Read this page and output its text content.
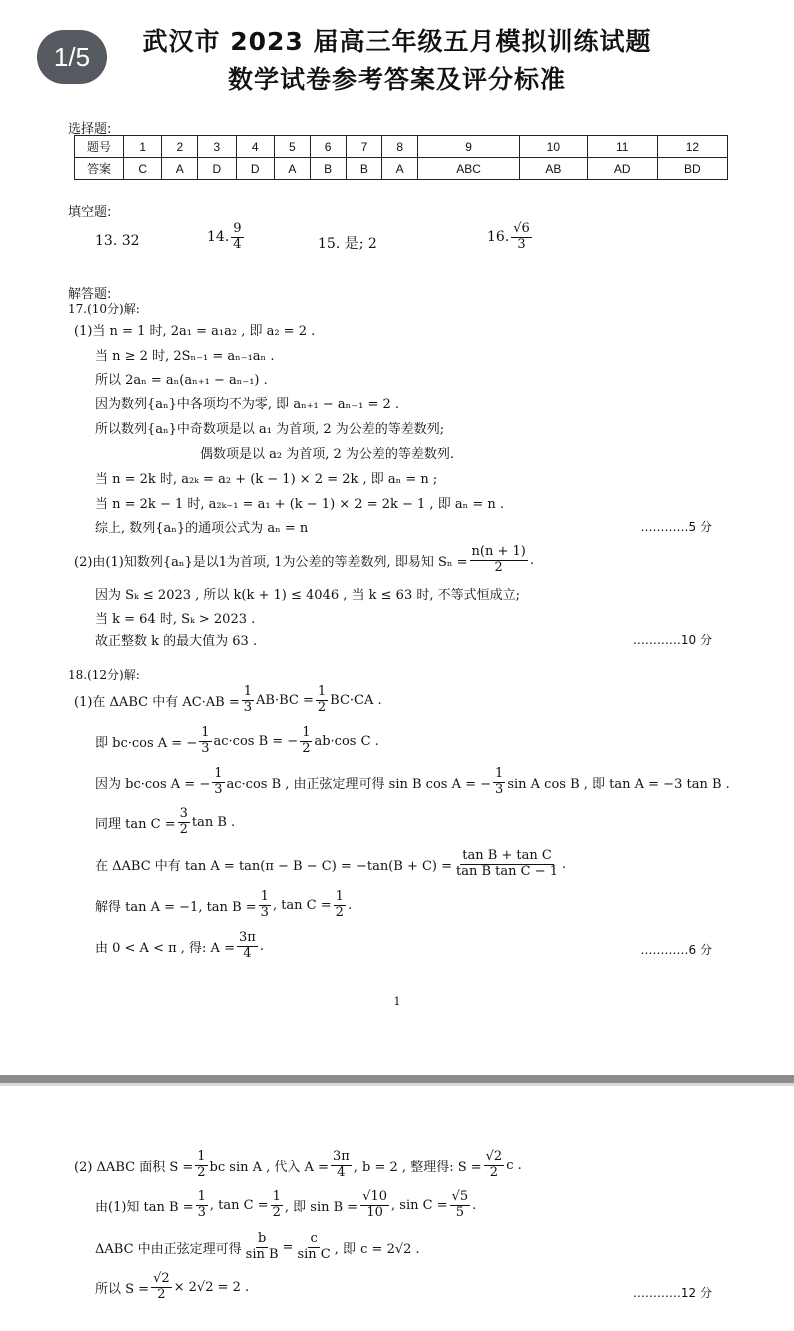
1/5	武汉市 2023 届高三年级五月模拟训练试题
数学试卷参考答案及评分标准
选择题:
题号	1	2	3	4	5	6	7	8	9	10	11	12
答案	C	A	D	D	A	B	B	A	ABC	AB	AD	BD
填空题:
13. 32	14. $\frac{9}{4}$	15. 是; 2	16. $\frac{√6}{3}$
解答题:
17.(10分)解:
(1)当 n = 1 时, 2a₁ = a₁a₂ , 即 a₂ = 2 .
当 n ≥ 2 时, 2Sₙ₋₁ = aₙ₋₁aₙ .
所以 2aₙ = aₙ(aₙ₊₁ − aₙ₋₁) .
因为数列{aₙ}中各项均不为零, 即 aₙ₊₁ − aₙ₋₁ = 2 .
所以数列{aₙ}中奇数项是以 a₁ 为首项, 2 为公差的等差数列;
偶数项是以 a₂ 为首项, 2 为公差的等差数列.
当 n = 2k 时, a₂ₖ = a₂ + (k − 1) × 2 = 2k , 即 aₙ = n ;
当 n = 2k − 1 时, a₂ₖ₋₁ = a₁ + (k − 1) × 2 = 2k − 1 , 即 aₙ = n .
综上, 数列{aₙ}的通项公式为 aₙ = n	…………5 分
(2)由(1)知数列{aₙ}是以1为首项, 1为公差的等差数列, 即易知 $S_n = \frac{n(n + 1)}{2}$ .
因为 Sₖ ≤ 2023 , 所以 k(k + 1) ≤ 4046 , 当 k ≤ 63 时, 不等式恒成立;
当 k = 64 时, Sₖ > 2023 .
故正整数 k 的最大值为 63 .	…………10 分
18.(12分)解:
(1)在 ΔABC 中有 $AC\cdot AB = \frac{1}{3} AB\cdot BC = \frac{1}{2} BC\cdot CA$ .
即 bc·cos A = − $\frac{1}{3} ac\cdot\cos$ B = − $\frac{1}{2} ab\cdot\cos$ C .
因为 bc·cos A = − $\frac{1}{3} ac\cdot\cos$ B , 由正弦定理可得 sin B cos A = − $\frac{1}{3}$ sin A cos B , 即 tan A = −3 tan B .
同理 $\tan C = \frac{3}{2}$ tan B .
在 ΔABC 中有 $\tan A = \tan(\pi - B - C) = -\tan(B + C) = \frac{\text{tan B + tan C}}{\text{tan B tan C − 1}}$ .
解得 tan A = −1, $\tan B = \frac{1}{3}$ , $\tan C = \frac{1}{2}$ .
由 0 < A < π , 得: $A = \frac{3\pi}{4}$ .	…………6 分
1
(2) ΔABC 面积 $S = \frac{1}{2}$ bc sin A , 代入 $A = \frac{3\pi}{4}$ , b = 2 , 整理得: $S = \frac{√2}{2}$ c .
由(1)知 $\tan B = \frac{1}{3}$ , $\tan C = \frac{1}{2}$ , 即 $\sin B = \frac{√10}{10}$ , $\sin C = \frac{√5}{5}$ .
ΔABC 中由正弦定理可得 $\frac{b}{\text{sin B}} = \frac{c}{\text{sin C}}$ , 即 c = 2√2 .
所以 $S = \frac{√2}{2} \times 2√2 = 2$ .	…………12 分
